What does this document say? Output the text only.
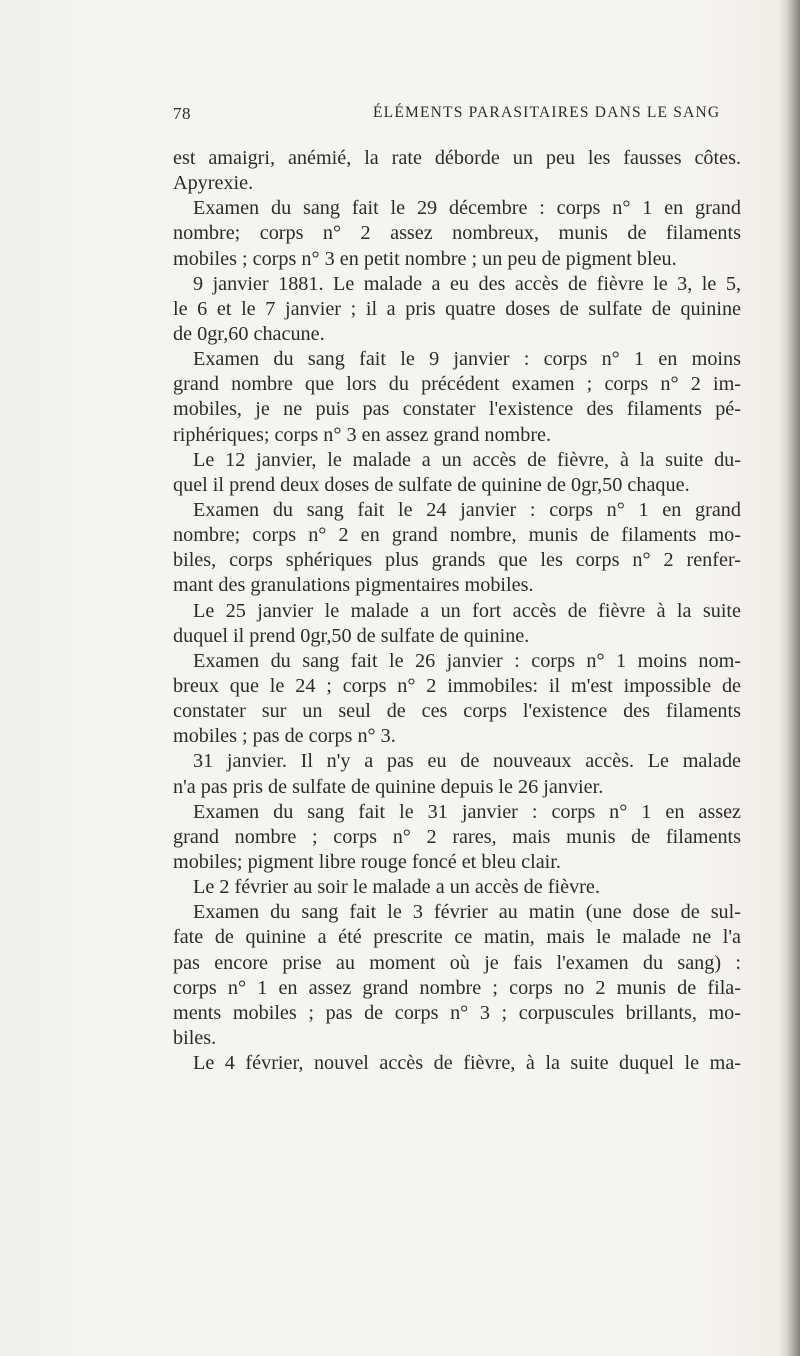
78	ÉLÉMENTS PARASITAIRES DANS LE SANG
est amaigri, anémié, la rate déborde un peu les fausses côtes.
Apyrexie.
Examen du sang fait le 29 décembre : corps n° 1 en grand
nombre; corps n° 2 assez nombreux, munis de filaments
mobiles ; corps n° 3 en petit nombre ; un peu de pigment bleu.
9 janvier 1881. Le malade a eu des accès de fièvre le 3, le 5,
le 6 et le 7 janvier ; il a pris quatre doses de sulfate de quinine
de 0gr,60 chacune.
Examen du sang fait le 9 janvier : corps n° 1 en moins
grand nombre que lors du précédent examen ; corps n° 2 im-
mobiles, je ne puis pas constater l'existence des filaments pé-
riphériques; corps n° 3 en assez grand nombre.
Le 12 janvier, le malade a un accès de fièvre, à la suite du-
quel il prend deux doses de sulfate de quinine de 0gr,50 chaque.
Examen du sang fait le 24 janvier : corps n° 1 en grand
nombre; corps n° 2 en grand nombre, munis de filaments mo-
biles, corps sphériques plus grands que les corps n° 2 renfer-
mant des granulations pigmentaires mobiles.
Le 25 janvier le malade a un fort accès de fièvre à la suite
duquel il prend 0gr,50 de sulfate de quinine.
Examen du sang fait le 26 janvier : corps n° 1 moins nom-
breux que le 24 ; corps n° 2 immobiles: il m'est impossible de
constater sur un seul de ces corps l'existence des filaments
mobiles ; pas de corps n° 3.
31 janvier. Il n'y a pas eu de nouveaux accès. Le malade
n'a pas pris de sulfate de quinine depuis le 26 janvier.
Examen du sang fait le 31 janvier : corps n° 1 en assez
grand nombre ; corps n° 2 rares, mais munis de filaments
mobiles; pigment libre rouge foncé et bleu clair.
Le 2 février au soir le malade a un accès de fièvre.
Examen du sang fait le 3 février au matin (une dose de sul-
fate de quinine a été prescrite ce matin, mais le malade ne l'a
pas encore prise au moment où je fais l'examen du sang) :
corps n° 1 en assez grand nombre ; corps no 2 munis de fila-
ments mobiles ; pas de corps n° 3 ; corpuscules brillants, mo-
biles.
Le 4 février, nouvel accès de fièvre, à la suite duquel le ma-
